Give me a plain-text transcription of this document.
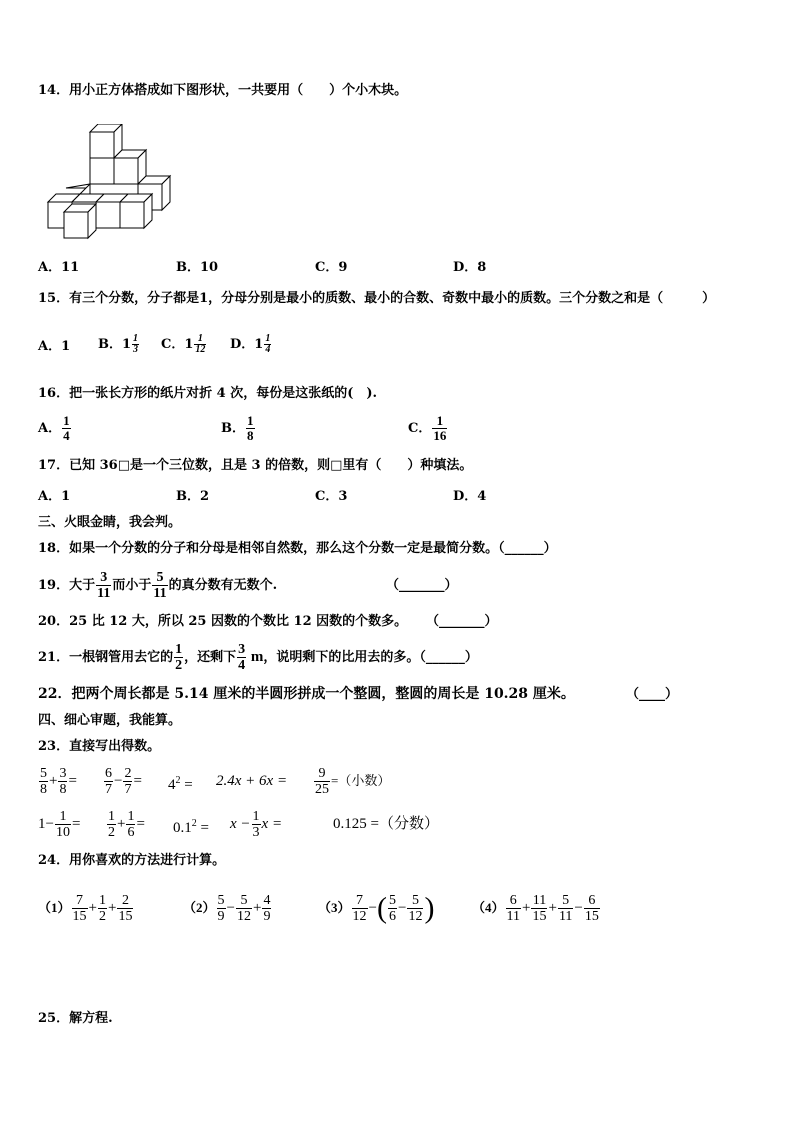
14．用小正方体搭成如下图形状，一共要用（　　）个小木块。
A．11	B．10	C．9	D．8
15．有三个分数，分子都是1，分母分别是最小的质数、最小的合数、奇数中最小的质数。三个分数之和是（　　　）
A．1 B． $1 \frac{1}{3}$ C． $1 \frac{1}{12}$ D． $1 \frac{1}{4}$
16．把一张长方形的纸片对折 4 次，每份是这张纸的(　).
A． $\frac{1}{4}$	B． $\frac{1}{8}$	C． $\frac{1}{16}$
17．已知 36□是一个三位数，且是 3 的倍数，则□里有（　　）种填法。
A．1	B．2	C．3	D．4
三、火眼金睛，我会判。
18．如果一个分数的分子和分母是相邻自然数，那么这个分数一定是最简分数。（______）
19．大于 $\frac{3}{11}$ 而小于 $\frac{5}{11}$ 的真分数有无数个.	（_______）
20．25 比 12 大，所以 25 因数的个数比 12 因数的个数多。 （_______）
21．一根钢管用去它的 $\frac{1}{2}$ ，还剩下 $\frac{3}{4}$ m，说明剩下的比用去的多。（______）
22．把两个周长都是 5.14 厘米的半圆形拼成一个整圆，整圆的周长是 10.28 厘米。	（____）
四、细心审题，我能算。
23．直接写出得数。
$\frac{5}{8} + \frac{3}{8} = \frac{6}{7} - \frac{2}{7} = 4^2 = 2.4x + 6x = \frac{9}{25}$ =（小数）
$1- \frac{1}{10} = \frac{1}{2} + \frac{1}{6} = 0.1^2 = x - \frac{1}{3}$ x =	0.125 =（分数）
24．用你喜欢的方法进行计算。
$(1) \frac{7}{15} + \frac{1}{2} + \frac{2}{15}$	$(2) \frac{5}{9} - \frac{5}{12} + \frac{4}{9}$	$(3) \frac{7}{12}$ −( $\frac{5}{6} - \frac{5}{12}$ )	$(4) \frac{6}{11} + \frac{11}{15} + \frac{5}{11} - \frac{6}{15}$
25．解方程.
